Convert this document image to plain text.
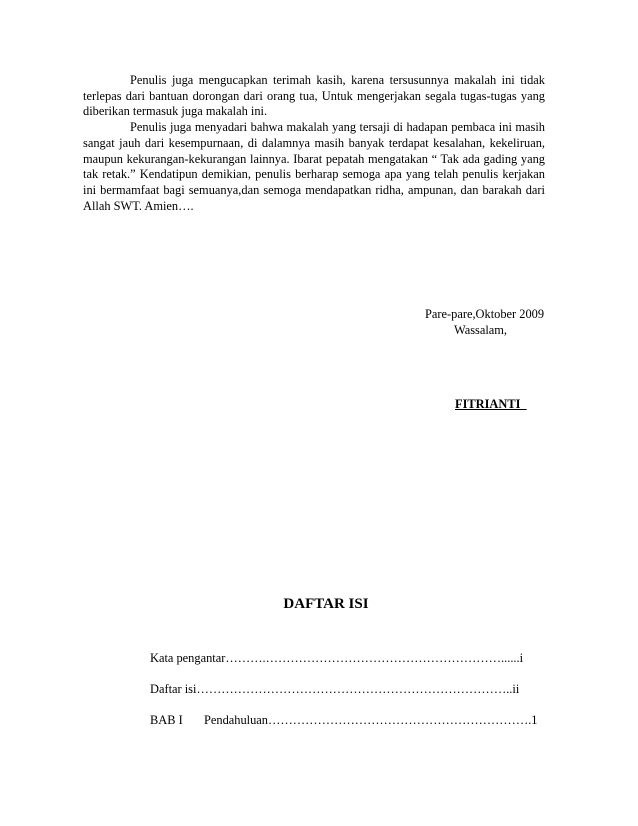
Penulis juga mengucapkan terimah kasih, karena tersusunnya makalah ini tidak terlepas dari bantuan dorongan dari orang tua, Untuk mengerjakan segala tugas-tugas yang diberikan termasuk juga makalah ini.

Penulis juga menyadari bahwa makalah yang tersaji di hadapan pembaca ini masih sangat jauh dari kesempurnaan, di dalamnya masih banyak terdapat kesalahan, kekeliruan, maupun kekurangan-kekurangan lainnya. Ibarat pepatah mengatakan “ Tak ada gading yang tak retak.” Kendatipun demikian, penulis berharap semoga apa yang telah penulis kerjakan ini bermamfaat bagi semuanya,dan semoga mendapatkan ridha, ampunan, dan barakah dari Allah SWT. Amien….

Pare-pare,Oktober 2009
Wassalam,
FITRIANTI
DAFTAR ISI
Kata pengantar……….…………………………………………………......i
Daftar isi…………………………………………………………………..ii
BAB I Pendahuluan……………………………………………………….1
